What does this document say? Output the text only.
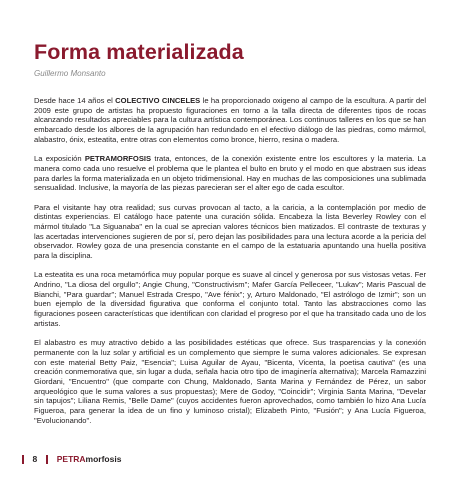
Forma materializada
Guillermo Monsanto

Desde hace 14 años el COLECTIVO CINCELES le ha proporcionado oxigeno al campo de la escultura. A partir del 2009 este grupo de artistas ha propuesto figuraciones en torno a la talla directa de diferentes tipos de rocas alcanzando resultados apreciables para la cultura artística contemporánea. Los continuos talleres en los que se han embarcado desde los albores de la agrupación han redundado en el efectivo diálogo de las piedras, como mármol, alabastro, ónix, esteatita, entre otras con elementos como bronce, hierro, resina o madera.

La exposición PETRAMORFOSIS trata, entonces, de la conexión existente entre los escultores y la materia. La manera como cada uno resuelve el problema que le plantea el bulto en bruto y el modo en que abstraen sus ideas para darles la forma materializada en un objeto tridimensional. Hay en muchas de las composiciones una sublimada sensualidad. Inclusive, la mayoría de las piezas parecieran ser el alter ego de cada escultor.

Para el visitante hay otra realidad; sus curvas provocan al tacto, a la caricia, a la contemplación por medio de distintas experiencias. El catálogo hace patente una curación sólida. Encabeza la lista Beverley Rowley con el mármol titulado "La Siguanaba" en la cual se aprecian valores técnicos bien matizados. El contraste de texturas y las acertadas intervenciones sugieren de por sí, pero dejan las posibilidades para una lectura acorde a la pericia del observador. Rowley goza de una presencia constante en el campo de la estatuaria apuntando una huella positiva para la disciplina.

La esteatita es una roca metamórfica muy popular porque es suave al cincel y generosa por sus vistosas vetas. Fer Andrino, "La diosa del orgullo"; Angie Chung, "Constructivism"; Mafer García Pelleceer, "Lukav"; Maris Pascual de Bianchi, "Para guardar"; Manuel Estrada Crespo, "Ave fénix"; y, Arturo Maldonado, "El astrólogo de Izmir"; son un buen ejemplo de la diversidad figurativa que conforma el conjunto total. Tanto las abstracciones como las figuraciones poseen características que identifican con claridad el progreso por el que ha transitado cada uno de los artistas.

El alabastro es muy atractivo debido a las posibilidades estéticas que ofrece. Sus trasparencias y la conexión permanente con la luz solar y artificial es un complemento que siempre le suma valores adicionales. Se expresan con este material Betty Paiz, "Esencia"; Luisa Aguilar de Ayau, "Bicenta, Vicenta, la poetisa cautiva" (es una creación conmemorativa que, sin lugar a duda, señala hacia otro tipo de imaginería alternativa); Marcela Ramazzini Giordani, "Encuentro" (que comparte con Chung, Maldonado, Santa Marina y Fernández de Pérez, un sabor arqueológico que le suma valores a sus propuestas); Mere de Godoy, "Coincidir"; Virginia Santa Marina, "Develar sin tapujos"; Liliana Remis, "Belle Dame" (cuyos accidentes fueron aprovechados, como también lo hizo Ana Lucía Figueroa, para generar la idea de un fino y luminoso cristal); Elizabeth Pinto, "Fusión"; y Ana Lucía Figueroa, "Evolucionando".

8 PETRA morfosis
